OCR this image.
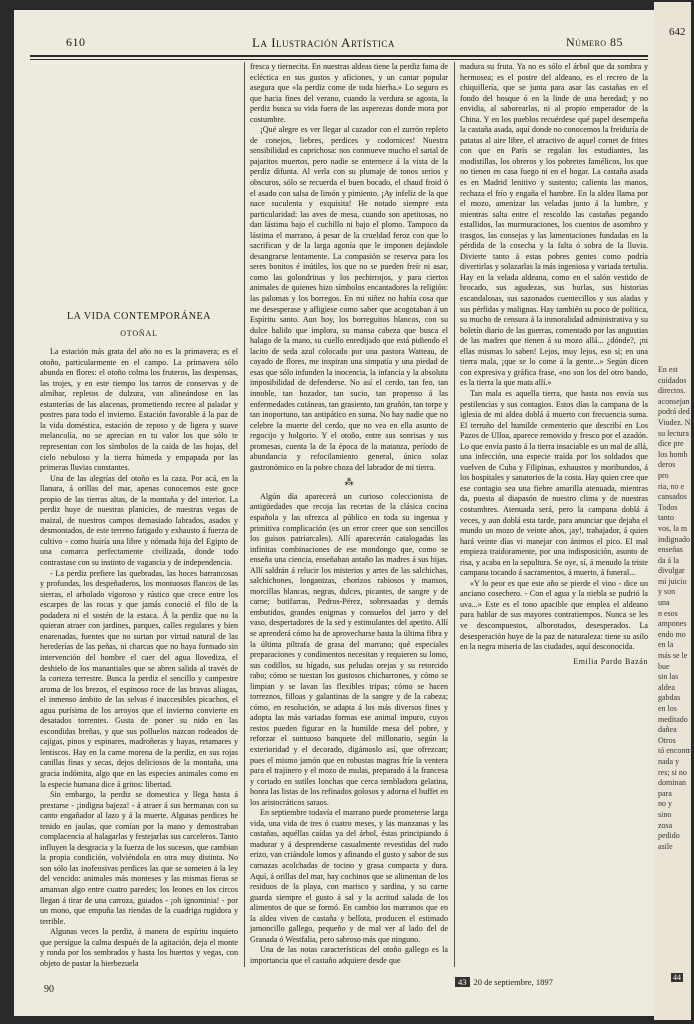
642
En est
cuidados
directos.
aconsejan
podrá ded
Viudez. N
su lectura
dice pre
los homb
deros
pro
ria, no e
cansados
Todos
tanto
vos, la m
indignado
enseñas
da á la
divulgar
mi juicio
y son
una
n esos
ampones
endo mo
en la
más se le
bue
sin las
aldea
gabdas
en los
meditado
dañea
Otros
tó encontra
nada y
res; si no
dominan
para
no y
sino
zosa
pedido
asile
44
610	La Ilustración Artística	Número 85
LA VIDA CONTEMPORÁNEA
OTOÑAL

La estación más grata del año no es la primavera; es el otoño, particularmente en el campo. La primavera sólo abunda en flores: el otoño colma los fruteros, las despensas, las trojes, y en este tiempo los tarros de conservas y de almíbar, repletos de dulzura, van alineándose en las estanterías de las alacenas, prometiendo recreo al paladar y postres para todo el invierno. Estación favorable á la paz de la vida doméstica, estación de reposo y de ligera y suave melancolía, no se aprecian en tu valor los que sólo te representan con los símbolos de la caída de las hojas, del cielo nebuloso y la tierra húmeda y empapada por las primeras lluvias constantes.

Una de las alegrías del otoño es la caza. Por acá, en la llanura, á orillas del mar, apenas conocemos este goce propio de las tierras altas, de la montaña y del interior. La perdiz huye de nuestras planicies, de nuestras vegas de maizal, de nuestros campos demasiado labrados, asados y desmontados, de este terreno fatigado y exhausto á fuerza de cultivo - como huiría una libre y nómada hija del Egipto de una comarca perfectamente civilizada, donde todo contrastase con su instinto de vagancia y de independencia.

- La perdiz prefiere las quebradas, las hoces barrancosas y profundas, los despeñaderos, los montuosos flancos de las sierras, el arbolado vigoroso y rústico que crece entre los escarpes de las rocas y que jamás conoció el filo de la podadera ni el sostén de la estaca. Á la perdiz que no la quieran atraer con jardines, parques, calles regulares y bien enarenadas, fuentes que no surtan por virtud natural de las herederías de las peñas, ni charcas que no haya formado sin intervención del hombre el caer del agua llovediza, el deshielo de los manantiales que se abren salida al través de la corteza terrestre. Busca la perdiz el sencillo y campestre aroma de los brezos, el espinoso roce de las bravas aliagas, el inmenso ámbito de las selvas é inaccesibles picachos, el agua purísima de los arroyos que el invierno convierte en desatados torrentes. Gusta de poner su nido en las escondidas breñas, y que sus polluelos nazcan rodeados de cajigas, pinos y espinares, madroñeras y hayas, retamares y lentiscos. Hay en la carne morena de la perdiz, en sus rojas canillas finas y secas, dejos deliciosos de la montaña, una gracia indómita, algo que en las especies animales como en la especie humana dice á gritos: libertad.

Sin embargo, la perdiz se domestica y llega hasta á prestarse - ¡indigna bajeza! - á atraer á sus hermanas con su canto engañador al lazo y á la muerte. Algunas perdices he tenido en jaulas, que comían por la mano y demostraban complacencia al halagarlas y festejarlas sus carceleros. Tanto influyen la desgracia y la fuerza de los sucesos, que cambian la propia condición, volviéndola en otra muy distinta. No son sólo las inofensivas perdices las que se someten á la ley del vencido: animales más monteses y las mismas fieras se amansan algo entre cuatro paredes; los leones en los circos llegan á tirar de una carroza, guiados - ¡oh ignominia! - por un mono, que empuña las riendas de la cuadriga rugidora y terrible.

Algunas veces la perdiz, á manera de espíritu inquieto que persigue la calma después de la agitación, deja el monte y ronda por los sembrados y hasta los huertos y vegas, con objeto de pastar la hierbezuela

fresca y tiernecita. En nuestras aldeas tiene la perdiz fama de ecléctica en sus gustos y aficiones, y un cantar popular asegura que «la perdiz come de toda hierba.» Lo seguro es que hacia fines del verano, cuando la verdura se agosta, la perdiz busca su vida fuera de las asperezas donde mora por costumbre.

¡Qué alegre es ver llegar al cazador con el zurrón repleto de conejos, liebres, perdices y codornices! Nuestra sensibilidad es caprichosa: nos conmueve mucho el sartal de pajaritos muertos, pero nadie se enternece á la vista de la perdiz difunta. Al verla con su plumaje de tonos serios y obscuros, sólo se recuerda el buen bocado, el chaud froid ó el asado con salsa de limón y pimiento. ¡Ay infeliz de la que nace suculenta y exquisita! He notado siempre esta particularidad: las aves de mesa, cuando son apetitosas, no dan lástima bajo el cuchillo ni bajo el plomo. Tampoco da lástima el marrano, á pesar de la crueldad feroz con que lo sacrifican y de la larga agonía que le imponen dejándole desangrarse lentamente. La compasión se reserva para los seres bonitos é inútiles, los que no se pueden freír ni asar, como las golondrinas y los pechirrojos, y para ciertos animales de quienes hizo símbolos encantadores la religión: las palomas y los borregos. En mi niñez no había cosa que me desesperase y afligiese como saber que acogotaban á un Espíritu santo. Aun hoy, los borreguitos blancos, con su dulce balido que implora, su mansa cabeza que busca el halago de la mano, su cuello enredijado que está pidiendo el lacito de seda azul colocado por una pastora Watteau, de cayado de flores, me inspiran una simpatía y una piedad de esas que sólo infunden la inocencia, la infancia y la absoluta imposibilidad de defenderse. No así el cerdo, tan feo, tan innoble, tan hozador, tan sucio, tan propenso á las enfermedades cutáneas, tan grasiento, tan gruñón, tan torpe y tan inoportuno, tan antipático en suma. No hay nadie que no celebre la muerte del cerdo, que no vea en ella asunto de regocijo y holgorio. Y el otoño, entre sus sonrisas y sus promesas, cuenta la de la época de la matanza, período de abundancia y refocilamiento general, único solaz gastronómico en la pobre choza del labrador de mi tierra.

⁂

Algún día aparecerá un curioso coleccionista de antigüedades que recoja las recetas de la clásica cocina española y las ofrezca al público en toda su ingenua y primitiva complicación (es un error creer que son sencillos los guisos patriarcales). Allí aparecerán catalogadas las infinitas combinaciones de ese mondongo que, como se enseña una ciencia, enseñaban antaño las madres á sus hijas. Allí saldrán á relucir los misterios y artes de las salchichas, salchichones, longanizas, chorizos rabiosos y mansos, morcillas blancas, negras, dulces, picantes, de sangre y de carne; butifarras, Pedros-Pérez, sobresaadas y demás embutidos, grandes enigmas y consuelos del jarro y del vaso, despertadores de la sed y estimulantes del apetito. Allí se aprenderá cómo ha de aprovecharse hasta la última fibra y la última piltrafa de grasa del marrano; qué especiales preparaciones y condimentos necesitan y requieren su lomo, sus codillos, su hígado, sus peludas orejas y su retorcido rabo; cómo se tuestan los gustosos chicharrones, y cómo se limpian y se lavan las flexibles tripas; cómo se hacen torreznos, filloas y galantinas de la sangre y de la cabeza; cómo, en resolución, se adapta á los más diversos fines y adopta las más variadas formas ese animal impuro, cuyos restos pueden figurar en la humilde mesa del pobre, y reforzar el suntuoso banquete del millonario, según la exterioridad y el decorado, digámoslo así, que ofrezcan; pues el mismo jamón que en robustas magras fríe la ventera para el trajinero y el mozo de mulas, preparado á la francesa y cortado en sutiles lonchas que cerca tembladora gelatina, honra las listas de los refinados golosos y adorna el buffet en los aristocráticos saraos.

En septiembre todavía el marrano puede prometerse larga vida, una vida de tres ó cuatro meses, y las manzanas y las castañas, aquéllas caídas ya del árbol, éstas principiando á madurar y á desprenderse casualmente revestidas del rudo erizo, van criándole lomos y afinando el gusto y sabor de sus carnazas acolchadas de tocino y grasa compacta y dura. Aquí, á orillas del mar, hay cochinos que se alimentan de los residuos de la playa, con marisco y sardina, y su carne guarda siempre el gusto á sal y la acritud salada de los alimentos de que se formó. En cambio los marranos que en la aldea viven de castaña y bellota, producen el estimado jamoncillo gallego, pequeño y de mal ver al lado del de Granada ó Westfalia, pero sabroso más que ninguno.

Una de las notas características del otoño gallego es la importancia que el castaño adquiere desde que

madura su fruta. Ya no es sólo el árbol que da sombra y hermosea; es el postre del aldeano, es el recreo de la chiquillería, que se junta para asar las castañas en el fondo del bosque ó en la linde de una heredad; y no envidia, al saborearlas, ni al propio emperador de la China. Y en los pueblos recuérdese qué papel desempeña la castaña asada, aquí donde no conocemos la freiduría de patatas al aire libre, el atractivo de aquel cornet de frites con que en París se regalan los estudiantes, las modistillas, los obreros y los pobretes famélicos, los que no tienen en casa fuego ni en el hogar. La castaña asada es en Madrid lenitivo y sustento; calienta las manos, rechaza el frío y engaña el hambre. En la aldea llama por el mozo, amenizar las veladas junto á la lumbre, y mientras salta entre el rescoldo las castañas pegando estallidos, las murmuraciones, los cuentos de asombro y trasgos, las consejas y las lamentaciones fundadas en la pérdida de la cosecha y la falta ó sobra de la lluvia. Divierte tanto á estas pobres gentes como podría divertirlas y solazarlas la más ingeniosa y variada tertulia. Hay en la velada aldeana, como en el salón vestido de brocado, sus agudezas, sus burlas, sus historias escandalosas, sus sazonados cuentecillos y sus aladas y sus pérfidas y malignas. Hay también su poco de política, su mucho de censura á la inmoralidad administrativa y su boletín diario de las guerras, comentado por las angustias de las madres que tienen á su mozo allá... ¿dónde?, ¡ni ellas mismas lo saben! Lejos, muy lejos, eso sí; en una tierra mala, ¡que se lo come á la gente...» Según dicen con expresiva y gráfica frase, «no son los del otro bando, es la tierra la que mata allí.»

Tan mala es aquella tierra, que hasta nos envía sus pestilencias y sus contagios. Estos días la campana de la iglesia de mi aldea doblá á muerto con frecuencia suma. El terruño del humilde cementerio que describí en Los Pazos de Ulloa, aparece removido y fresco por el azadón. Lo que envía pasto á la tierra insaciable es un mal de allá, una infección, una especie traída por los soldados que vuelven de Cuba y Filipinas, exhaustos y moribundos, á los hospitales y sanatorios de la costa. Hay quien cree que ese contagio sea una fiebre amarilla atenuada, mientras da, puesta al diapasón de nuestro clima y de nuestras costumbres. Atenuada será, pero la campana doblá á veces, y aun doblá esta tarde, para anunciar que dejaba el mundo un mozo de veinte años, ¡ay!, trabajador, á quien hará veinte días vi manejar con ánimos el pico. El mal empieza traidoramente, por una indisposición, asunto de risa, y acaba en la sepultura. Se oye, sí, á menudo la triste campana tocando á sacramentos, á muerto, á funeral...

«Y lo peor es que este año se pierde el vino - dice un anciano cosechero. - Con el agua y la niebla se pudrió la uva...» Este es el tono apacible que emplea el aldeano para hablar de sus mayores contratiempos. Nunca se les ve descompuestos, alborotados, desesperados. La desesperación huye de la paz de naturaleza: tiene su asilo en la negra miseria de las ciudades, aquí desconocida.

Emilia Pardo Bazán
90
43 20 de septiembre, 1897
